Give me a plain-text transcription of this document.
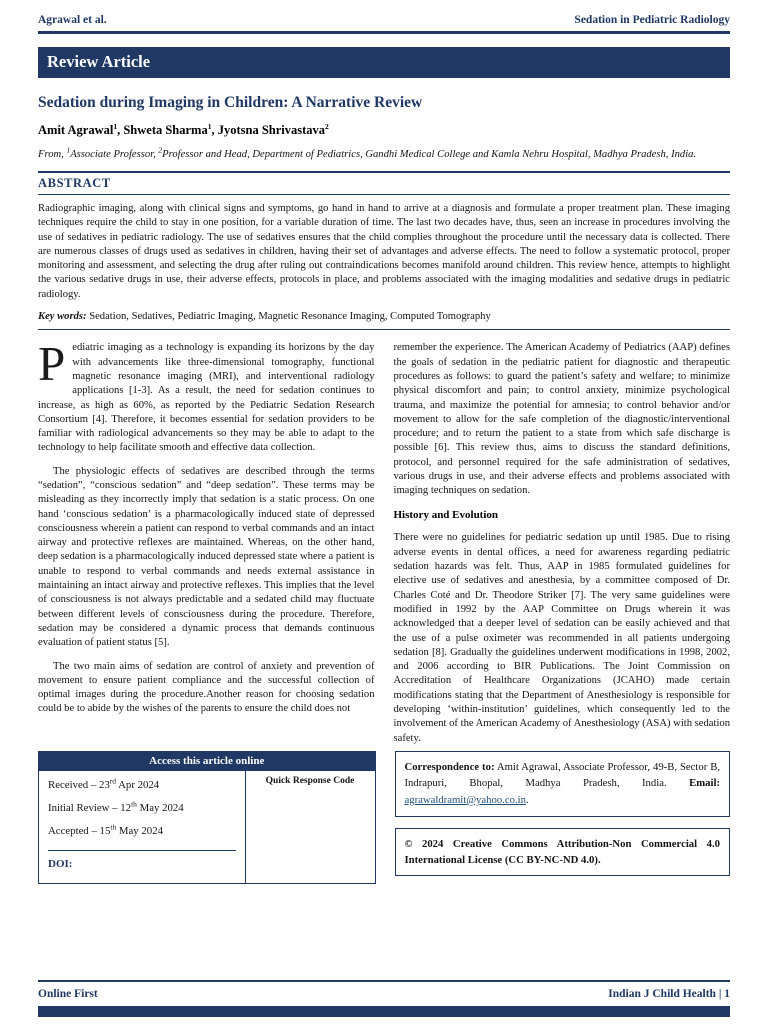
Agrawal et al.	Sedation in Pediatric Radiology
Review Article
Sedation during Imaging in Children: A Narrative Review
Amit Agrawal$^1$, Shweta Sharma$^1$, Jyotsna Shrivastava$^2$
From, $^1$Associate Professor, $^2$Professor and Head, Department of Pediatrics, Gandhi Medical College and Kamla Nehru Hospital, Madhya Pradesh, India.
ABSTRACT

Radiographic imaging, along with clinical signs and symptoms, go hand in hand to arrive at a diagnosis and formulate a proper treatment plan. These imaging techniques require the child to stay in one position, for a variable duration of time. The last two decades have, thus, seen an increase in procedures involving the use of sedatives in pediatric radiology. The use of sedatives ensures that the child complies throughout the procedure until the necessary data is collected. There are numerous classes of drugs used as sedatives in children, having their set of advantages and adverse effects. The need to follow a systematic protocol, proper monitoring and assessment, and selecting the drug after ruling out contraindications becomes manifold around children. This review hence, attempts to highlight the various sedative drugs in use, their adverse effects, protocols in place, and problems associated with the imaging modalities and sedative drugs in pediatric radiology.

Key words: Sedation, Sedatives, Pediatric Imaging, Magnetic Resonance Imaging, Computed Tomography

Pediatric imaging as a technology is expanding its horizons by the day with advancements like three-dimensional tomography, functional magnetic resonance imaging (MRI), and interventional radiology applications [1-3]. As a result, the need for sedation continues to increase, as high as 60%, as reported by the Pediatric Sedation Research Consortium [4]. Therefore, it becomes essential for sedation providers to be familiar with radiological advancements so they may be able to adapt to the technology to help facilitate smooth and effective data collection.

The physiologic effects of sedatives are described through the terms “sedation”, “conscious sedation” and “deep sedation”. These terms may be misleading as they incorrectly imply that sedation is a static process. On one hand ‘conscious sedation’ is a pharmacologically induced state of depressed consciousness wherein a patient can respond to verbal commands and an intact airway and protective reflexes are maintained. Whereas, on the other hand, deep sedation is a pharmacologically induced depressed state where a patient is unable to respond to verbal commands and needs external assistance in maintaining an intact airway and protective reflexes. This implies that the level of consciousness is not always predictable and a sedated child may fluctuate between different levels of consciousness during the procedure. Therefore, sedation may be considered a dynamic process that demands continuous evaluation of patient status [5].

The two main aims of sedation are control of anxiety and prevention of movement to ensure patient compliance and the successful collection of optimal images during the procedure.Another reason for choosing sedation could be to abide by the wishes of the parents to ensure the child does not

remember the experience. The American Academy of Pediatrics (AAP) defines the goals of sedation in the pediatric patient for diagnostic and therapeutic procedures as follows: to guard the patient’s safety and welfare; to minimize physical discomfort and pain; to control anxiety, minimize psychological trauma, and maximize the potential for amnesia; to control behavior and/or movement to allow for the safe completion of the diagnostic/interventional procedure; and to return the patient to a state from which safe discharge is possible [6]. This review thus, aims to discuss the standard definitions, protocol, and personnel required for the safe administration of sedatives, various drugs in use, and their adverse effects and problems associated with imaging techniques on sedation.

History and Evolution

There were no guidelines for pediatric sedation up until 1985. Due to rising adverse events in dental offices, a need for awareness regarding pediatric sedation hazards was felt. Thus, AAP in 1985 formulated guidelines for elective use of sedatives and anesthesia, by a committee composed of Dr. Charles Coté and Dr. Theodore Striker [7]. The very same guidelines were modified in 1992 by the AAP Committee on Drugs wherein it was acknowledged that a deeper level of sedation can be easily achieved and that the use of a pulse oximeter was recommended in all patients undergoing sedation [8]. Gradually the guidelines underwent modifications in 1998, 2002, and 2006 according to BIR Publications. The Joint Commission on Accreditation of Healthcare Organizations (JCAHO) made certain modifications stating that the Department of Anesthesiology is responsible for developing ‘within-institution’ guidelines, which consequently led to the involvement of the American Academy of Anesthesiology (ASA) with sedation safety.

Access this article online
Received – 23rd Apr 2024
Initial Review – 12th May 2024
Accepted – 15th May 2024
DOI:
Quick Response Code
Correspondence to: Amit Agrawal, Associate Professor, 49-B, Sector B, Indrapuri, Bhopal, Madhya Pradesh, India. Email: agrawaldramit@yahoo.co.in.
© 2024 Creative Commons Attribution-Non Commercial 4.0 International License (CC BY-NC-ND 4.0).
Online First	Indian J Child Health | 1
